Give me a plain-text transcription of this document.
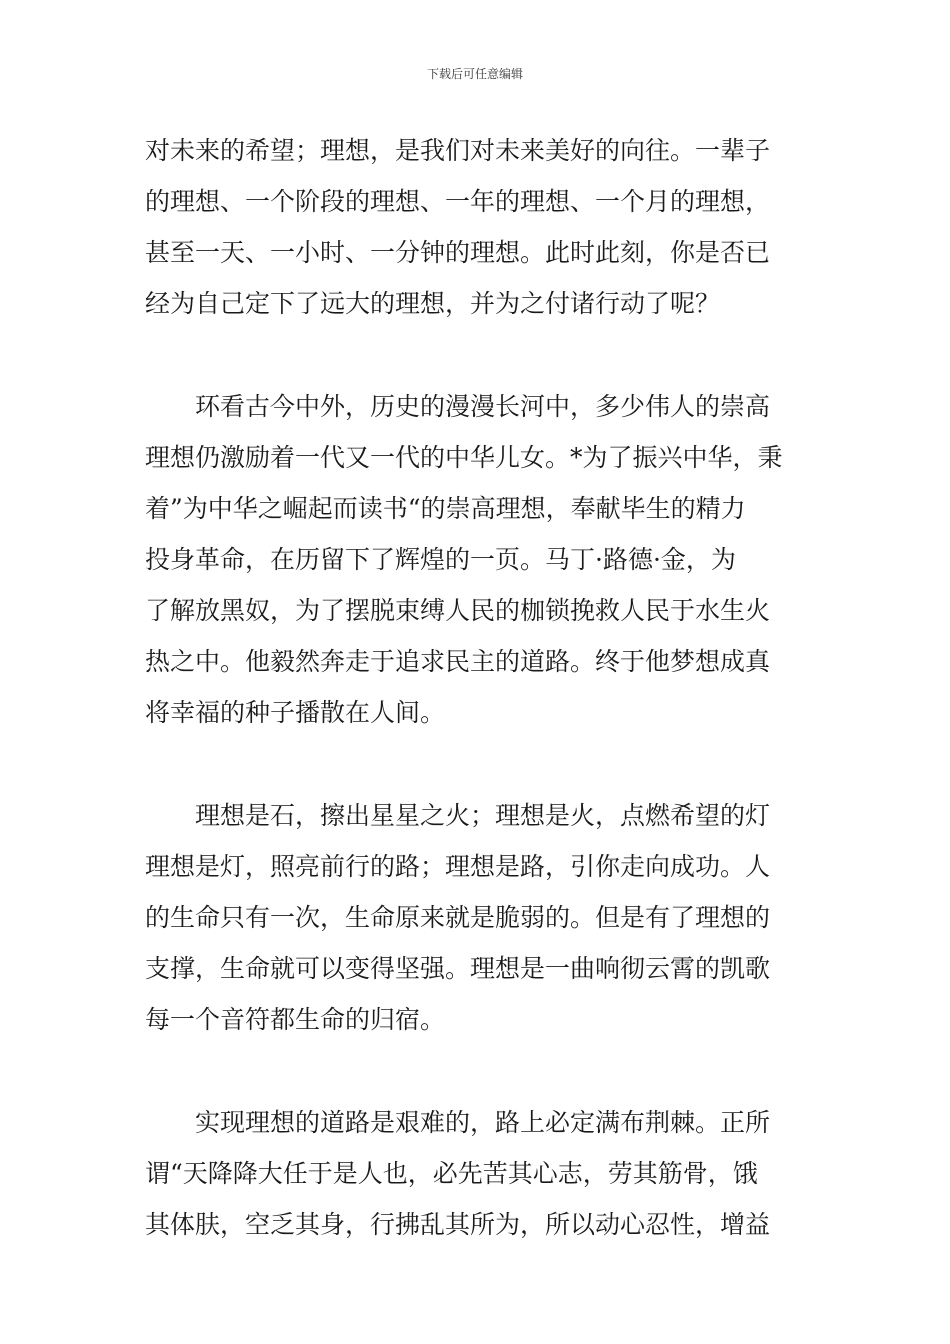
下载后可任意编辑

对未来的希望；理想，是我们对未来美好的向往。一辈子
的理想、一个阶段的理想、一年的理想、一个月的理想，
甚至一天、一小时、一分钟的理想。此时此刻，你是否已
经为自己定下了远大的理想，并为之付诸行动了呢？

环看古今中外，历史的漫漫长河中，多少伟人的崇高
理想仍激励着一代又一代的中华儿女。*为了振兴中华，秉
着”为中华之崛起而读书“的崇高理想，奉献毕生的精力
投身革命，在历留下了辉煌的一页。马丁·路德·金，为
了解放黑奴，为了摆脱束缚人民的枷锁挽救人民于水生火
热之中。他毅然奔走于追求民主的道路。终于他梦想成真
将幸福的种子播散在人间。

理想是石，擦出星星之火；理想是火，点燃希望的灯
理想是灯，照亮前行的路；理想是路，引你走向成功。人
的生命只有一次，生命原来就是脆弱的。但是有了理想的
支撑，生命就可以变得坚强。理想是一曲响彻云霄的凯歌
每一个音符都生命的归宿。

实现理想的道路是艰难的，路上必定满布荆棘。正所
谓“天降降大任于是人也，必先苦其心志，劳其筋骨，饿
其体肤，空乏其身，行拂乱其所为，所以动心忍性，增益
